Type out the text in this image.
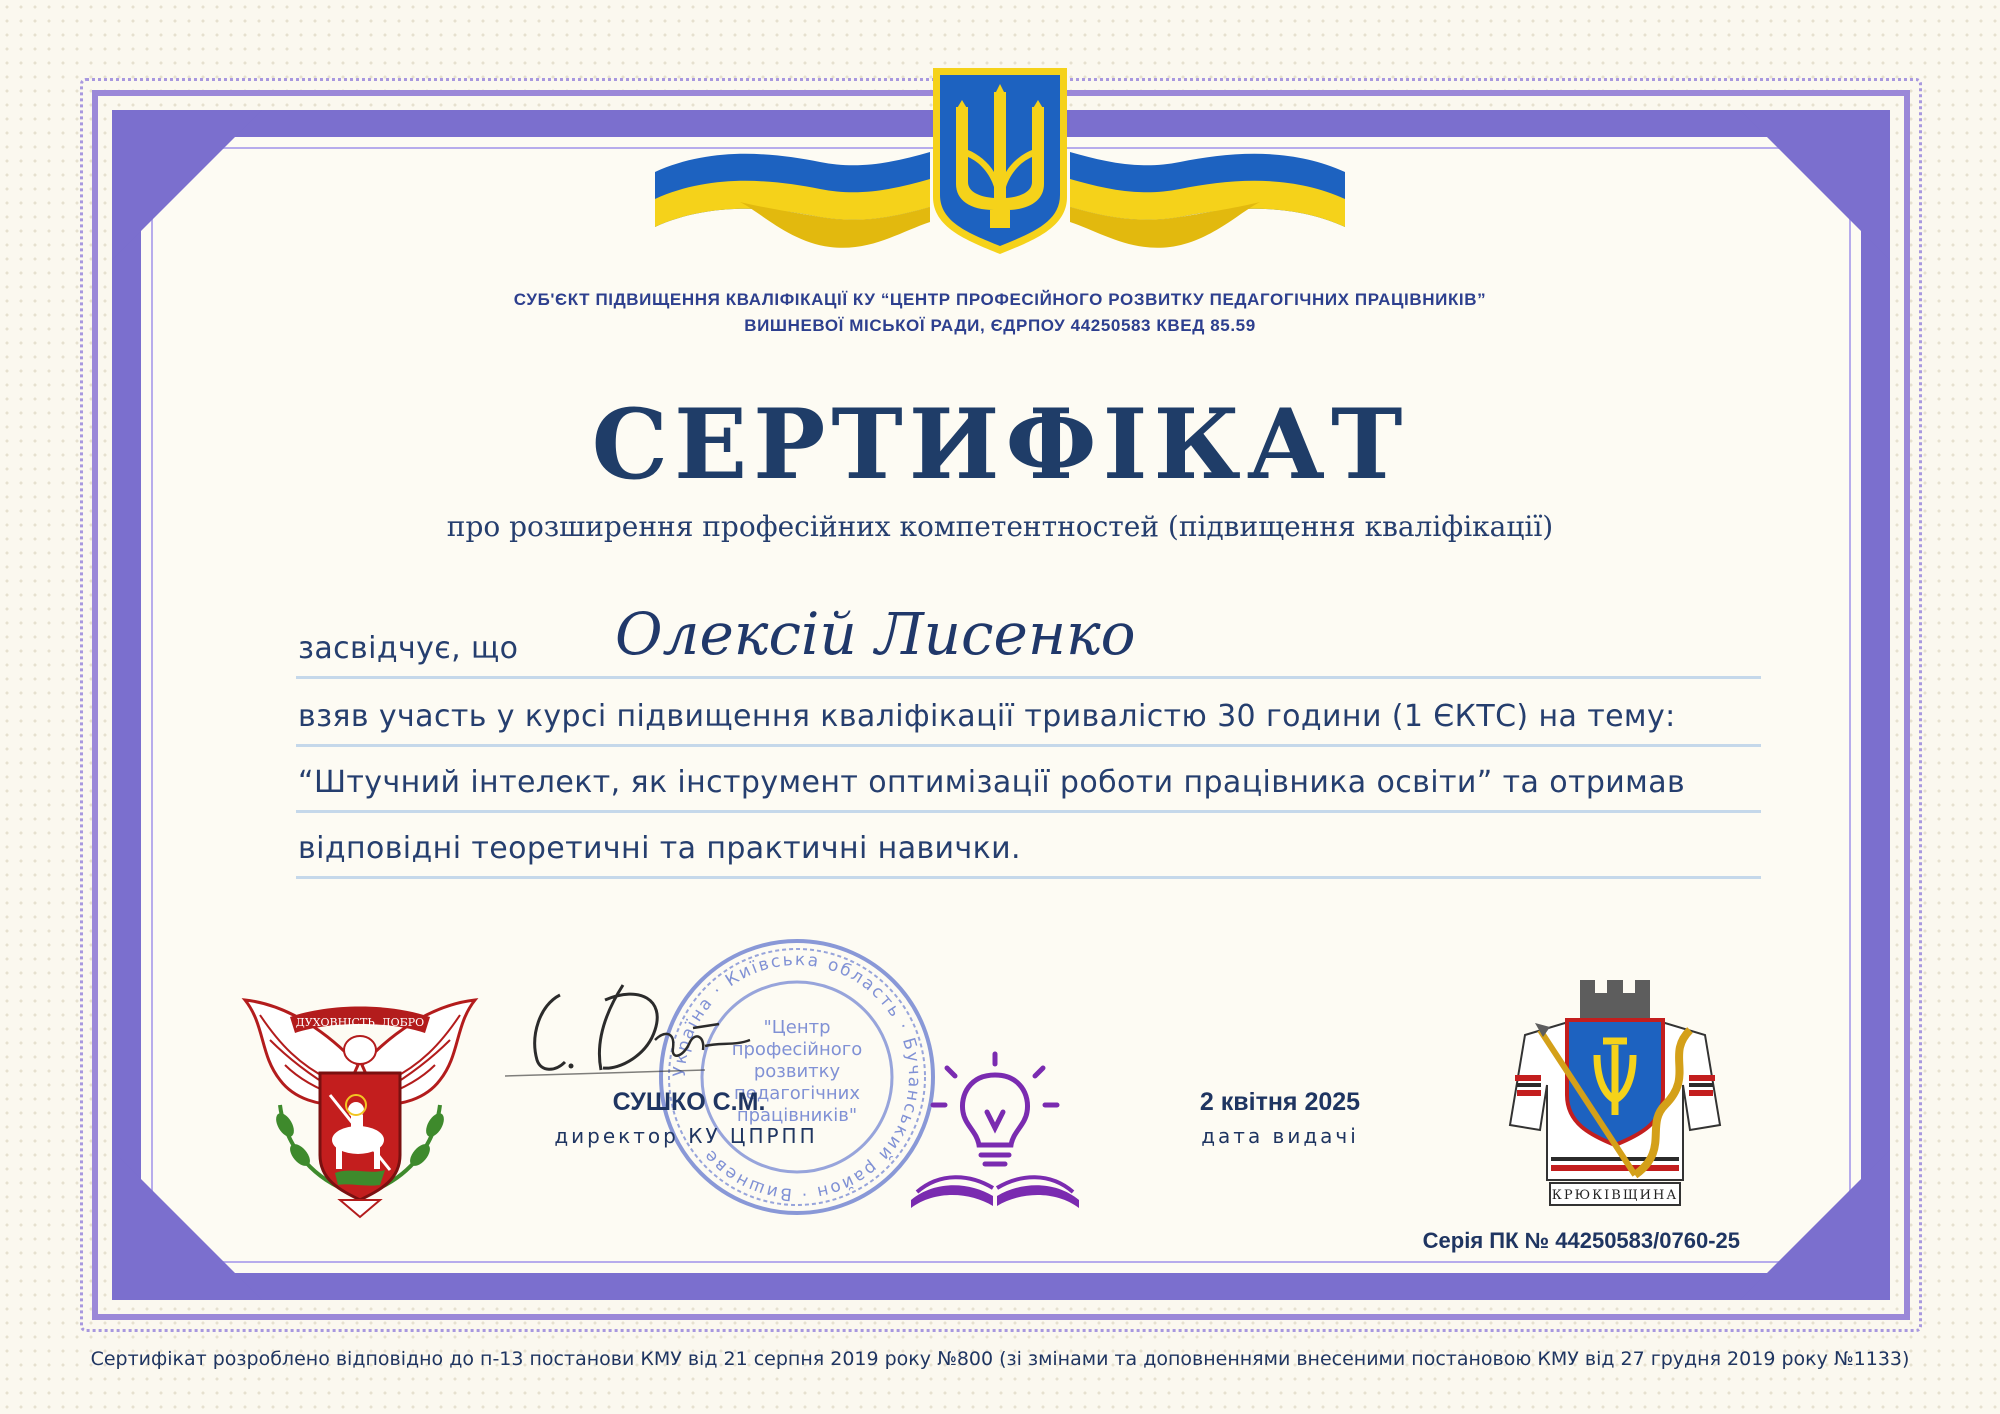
СУБ'ЄКТ ПІДВИЩЕННЯ КВАЛІФІКАЦІЇ КУ “ЦЕНТР ПРОФЕСІЙНОГО РОЗВИТКУ ПЕДАГОГІЧНИХ ПРАЦІВНИКІВ”
ВИШНЕВОЇ МІСЬКОЇ РАДИ, ЄДРПОУ 44250583 КВЕД 85.59
СЕРТИФІКАТ
про розширення професійних компетентностей (підвищення кваліфікації)
засвідчує, що Олексій Лисенко
взяв участь у курсі підвищення кваліфікації тривалістю 30 години (1 ЄКТС) на тему:
“Штучний інтелект, як інструмент оптимізації роботи працівника освіти” та отримав
відповідні теоретичні та практичні навички.
ДУХОВНІСТЬ, ДОБРО
Україна · Київська область · Бучанський район · Вишневе
"Центр
професійного
розвитку
педагогічних
працівників"
СУШКО С.М.
директор КУ ЦПРПП
2 квітня 2025
дата видачі
КРЮКІВЩИНА
Серія ПК № 44250583/0760-25
Сертифікат розроблено відповідно до п-13 постанови КМУ від 21 серпня 2019 року №800 (зі змінами та доповненнями внесеними постановою КМУ від 27 грудня 2019 року №1133)
